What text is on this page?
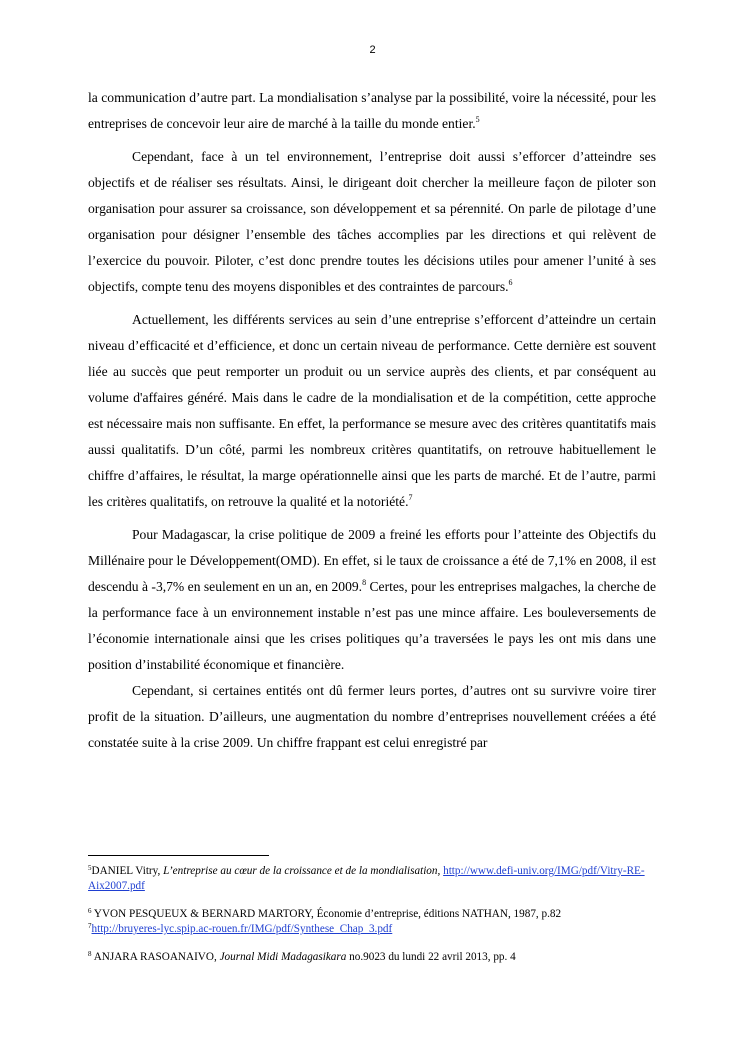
2

la communication d’autre part. La mondialisation s’analyse par la possibilité, voire la nécessité, pour les entreprises de concevoir leur aire de marché à la taille du monde entier.$^5$

Cependant, face à un tel environnement, l’entreprise doit aussi s’efforcer d’atteindre ses objectifs et de réaliser ses résultats. Ainsi, le dirigeant doit chercher la meilleure façon de piloter son organisation pour assurer sa croissance, son développement et sa pérennité. On parle de pilotage d’une organisation pour désigner l’ensemble des tâches accomplies par les directions et qui relèvent de l’exercice du pouvoir. Piloter, c’est donc prendre toutes les décisions utiles pour amener l’unité à ses objectifs, compte tenu des moyens disponibles et des contraintes de parcours.$^6$

Actuellement, les différents services au sein d’une entreprise s’efforcent d’atteindre un certain niveau d’efficacité et d’efficience, et donc un certain niveau de performance. Cette dernière est souvent liée au succès que peut remporter un produit ou un service auprès des clients, et par conséquent au volume d'affaires généré. Mais dans le cadre de la mondialisation et de la compétition, cette approche est nécessaire mais non suffisante. En effet, la performance se mesure avec des critères quantitatifs mais aussi qualitatifs. D’un côté, parmi les nombreux critères quantitatifs, on retrouve habituellement le chiffre d’affaires, le résultat, la marge opérationnelle ainsi que les parts de marché. Et de l’autre, parmi les critères qualitatifs, on retrouve la qualité et la notoriété.$^7$

Pour Madagascar, la crise politique de 2009 a freiné les efforts pour l’atteinte des Objectifs du Millénaire pour le Développement(OMD). En effet, si le taux de croissance a été de 7,1% en 2008, il est descendu à -3,7% en seulement en un an, en 2009.$^8$ Certes, pour les entreprises malgaches, la cherche de la performance face à un environnement instable n’est pas une mince affaire. Les bouleversements de l’économie internationale ainsi que les crises politiques qu’a traversées le pays les ont mis dans une position d’instabilité économique et financière.

Cependant, si certaines entités ont dû fermer leurs portes, d’autres ont su survivre voire tirer profit de la situation. D’ailleurs, une augmentation du nombre d’entreprises nouvellement créées a été constatée suite à la crise 2009. Un chiffre frappant est celui enregistré par

$^5$DANIEL Vitry, L’entreprise au cœur de la croissance et de la mondialisation, http://www.defi-univ.org/IMG/pdf/Vitry-RE-Aix2007.pdf

$^6$ YVON PESQUEUX & BERNARD MARTORY, Économie d’entreprise, éditions NATHAN, 1987, p.82

$^7$http://bruyeres-lyc.spip.ac-rouen.fr/IMG/pdf/Synthese_Chap_3.pdf

$^8$ ANJARA RASOANAIVO, Journal Midi Madagasikara no.9023 du lundi 22 avril 2013, pp. 4
